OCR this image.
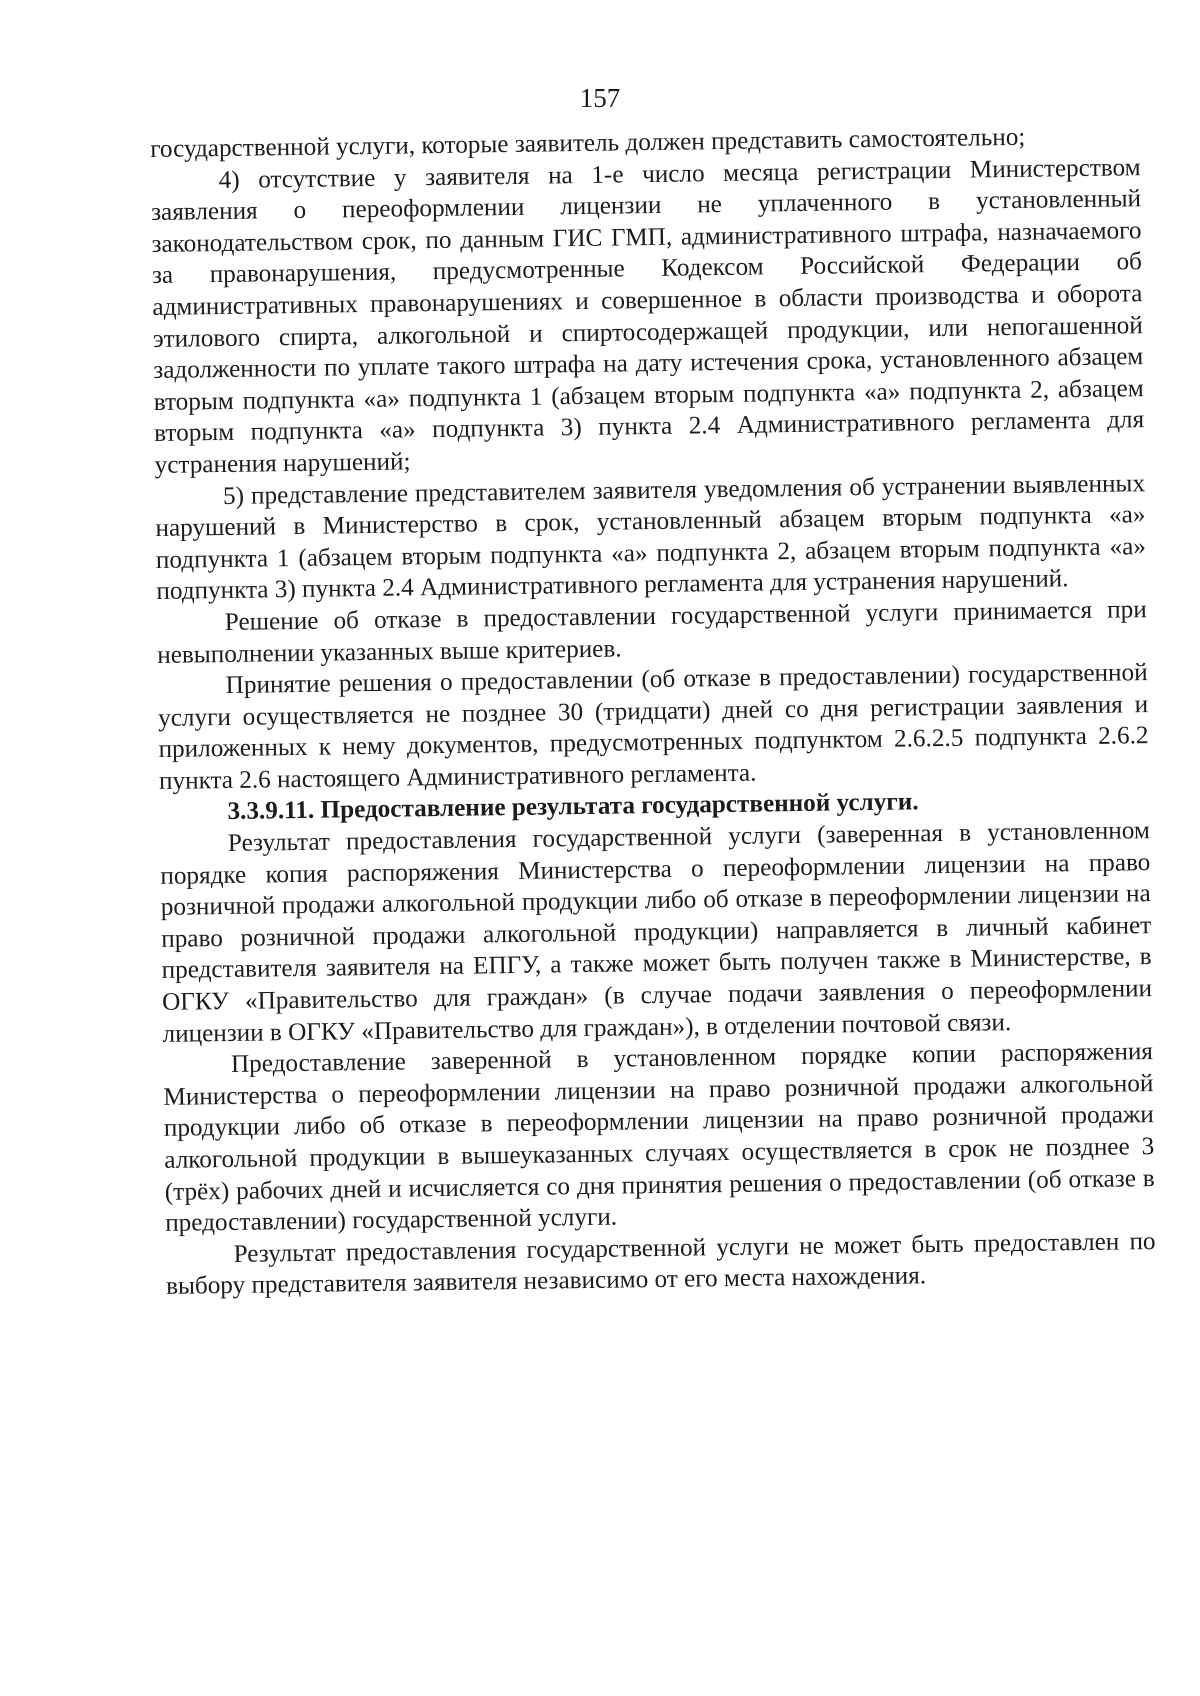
157

государственной услуги, которые заявитель должен представить самостоятельно;

4) отсутствие у заявителя на 1-е число месяца регистрации Министерством заявления о переоформлении лицензии не уплаченного в установленный законодательством срок, по данным ГИС ГМП, административного штрафа, назначаемого за правонарушения, предусмотренные Кодексом Российской Федерации об административных правонарушениях и совершенное в области производства и оборота этилового спирта, алкогольной и спиртосодержащей продукции, или непогашенной задолженности по уплате такого штрафа на дату истечения срока, установленного абзацем вторым подпункта «а» подпункта 1 (абзацем вторым подпункта «а» подпункта 2, абзацем вторым подпункта «а» подпункта 3) пункта 2.4 Административного регламента для устранения нарушений;

5) представление представителем заявителя уведомления об устранении выявленных нарушений в Министерство в срок, установленный абзацем вторым подпункта «а» подпункта 1 (абзацем вторым подпункта «а» подпункта 2, абзацем вторым подпункта «а» подпункта 3) пункта 2.4 Административного регламента для устранения нарушений.

Решение об отказе в предоставлении государственной услуги принимается при невыполнении указанных выше критериев.

Принятие решения о предоставлении (об отказе в предоставлении) государственной услуги осуществляется не позднее 30 (тридцати) дней со дня регистрации заявления и приложенных к нему документов, предусмотренных подпунктом 2.6.2.5 подпункта 2.6.2 пункта 2.6 настоящего Административного регламента.

3.3.9.11. Предоставление результата государственной услуги.

Результат предоставления государственной услуги (заверенная в установленном порядке копия распоряжения Министерства о переоформлении лицензии на право розничной продажи алкогольной продукции либо об отказе в переоформлении лицензии на право розничной продажи алкогольной продукции) направляется в личный кабинет представителя заявителя на ЕПГУ, а также может быть получен также в Министерстве, в ОГКУ «Правительство для граждан» (в случае подачи заявления о переоформлении лицензии в ОГКУ «Правительство для граждан»), в отделении почтовой связи.

Предоставление заверенной в установленном порядке копии распоряжения Министерства о переоформлении лицензии на право розничной продажи алкогольной продукции либо об отказе в переоформлении лицензии на право розничной продажи алкогольной продукции в вышеуказанных случаях осуществляется в срок не позднее 3 (трёх) рабочих дней и исчисляется со дня принятия решения о предоставлении (об отказе в предоставлении) государственной услуги.

Результат предоставления государственной услуги не может быть предоставлен по выбору представителя заявителя независимо от его места нахождения.
